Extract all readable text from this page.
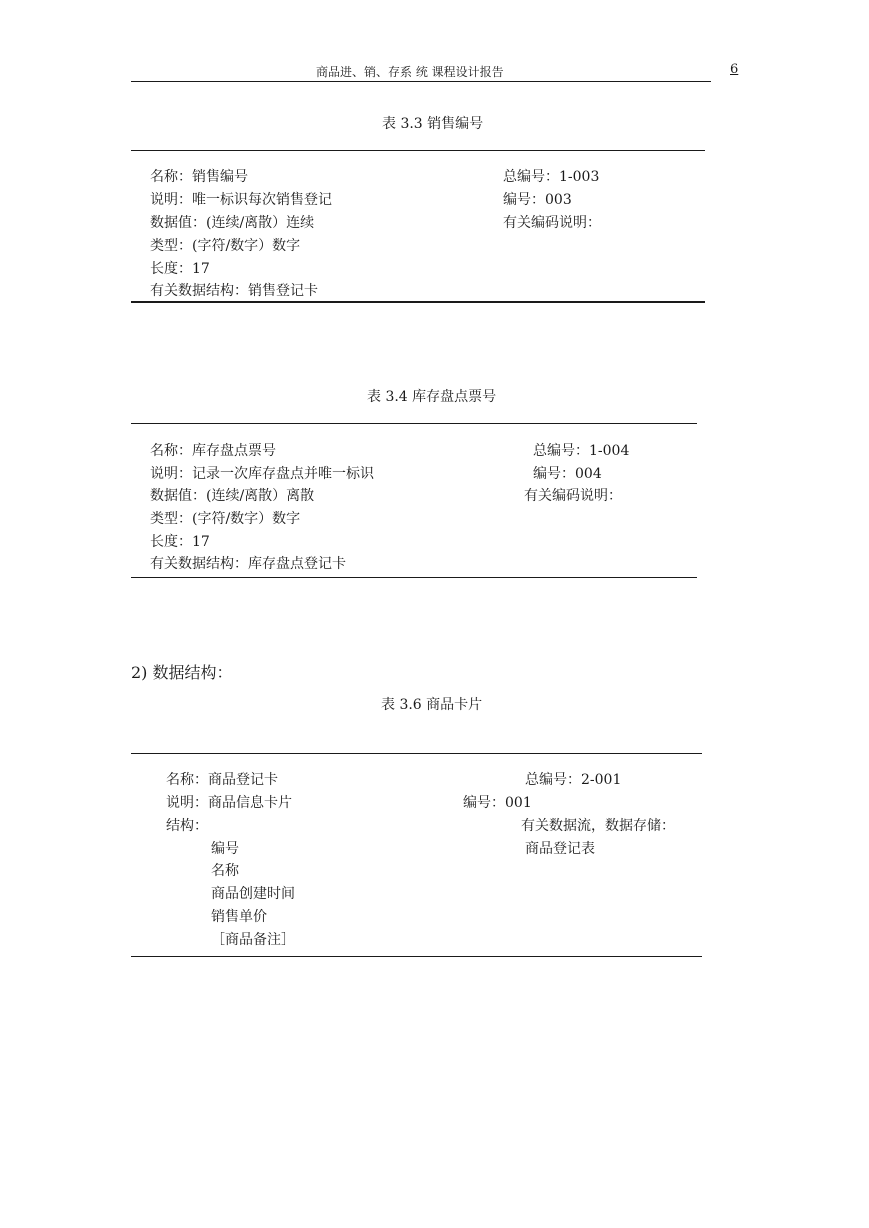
商品进、销、存系 统 课程设计报告	6
表 3.3 销售编号
名称：销售编号	总编号：1-003
说明：唯一标识每次销售登记	编号：003
数据值：(连续/离散）连续	有关编码说明：
类型：(字符/数字）数字
长度：17
有关数据结构：销售登记卡
表 3.4 库存盘点票号
名称：库存盘点票号	总编号：1-004
说明：记录一次库存盘点并唯一标识	编号：004
数据值：(连续/离散）离散	有关编码说明：
类型：(字符/数字）数字
长度：17
有关数据结构：库存盘点登记卡
2) 数据结构：
表 3.6 商品卡片
名称：商品登记卡	总编号：2-001
说明：商品信息卡片	编号：001
结构：	有关数据流，数据存储：
编号	商品登记表
名称
商品创建时间
销售单价
［商品备注］
